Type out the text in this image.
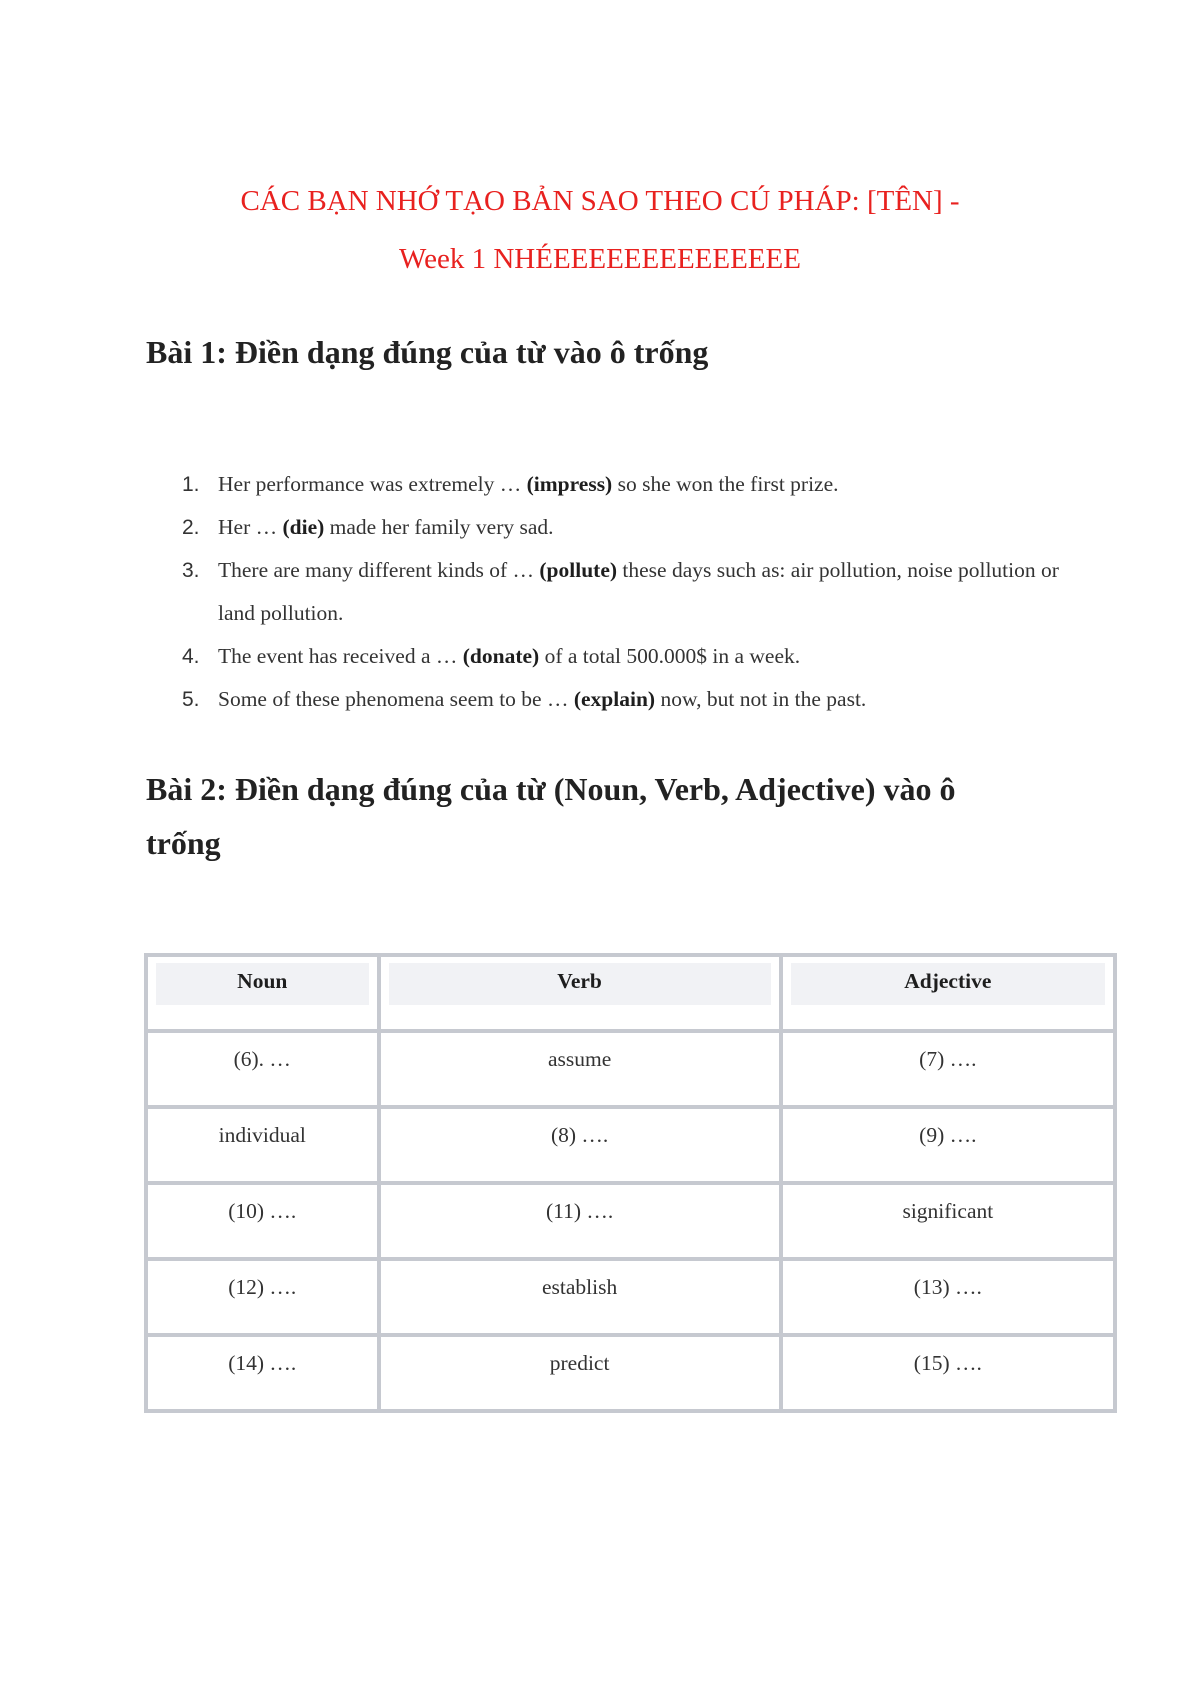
CÁC BẠN NHỚ TẠO BẢN SAO THEO CÚ PHÁP: [TÊN] -
Week 1 NHÉEEEEEEEEEEEEEE
Bài 1: Điền dạng đúng của từ vào ô trống
1. Her performance was extremely … (impress) so she won the first prize.
2. Her … (die) made her family very sad.
3. There are many different kinds of … (pollute) these days such as: air pollution, noise pollution or land pollution.
4. The event has received a … (donate) of a total 500.000$ in a week.
5. Some of these phenomena seem to be … (explain) now, but not in the past.
Bài 2: Điền dạng đúng của từ (Noun, Verb, Adjective) vào ô
trống
Noun	Verb	Adjective

(6). …	assume	(7) ….

individual	(8) ….	(9) ….

(10) ….	(11) ….	significant

(12) ….	establish	(13) ….

(14) ….	predict	(15) ….
